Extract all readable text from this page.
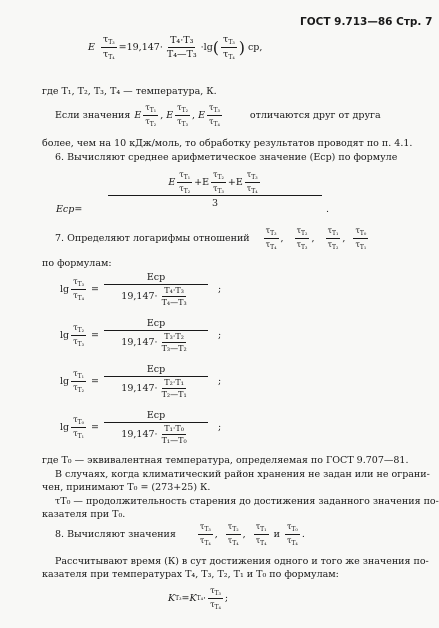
ГОСТ 9.713—86 Стр. 7
E $\frac{\tau_{T_3}}{\tau_{T_4}} =19,147\cdot \frac{\text{T₄·T₃}}{\text{T₄—T₃}} \cdot\lg$ ( $\frac{\tau_{T_3}}{\tau_{T_4}}$ ) ср,
где T₁, T₂, T₃, T₄ — температура, К.
Если значения E $\frac{\tau_{T_1}}{\tau_{T_2}}$ , E $\frac{\tau_{T_2}}{\tau_{T_3}}$ , E $\frac{\tau_{T_3}}{\tau_{T_4}}$	отличаются друг от друга
более, чем на 10 кДж/моль, то обработку результатов проводят по п. 4.1.
6. Вычисляют среднее арифметическое значение (Eср) по формуле
E $\frac{\tau_{T_1}}{\tau_{T_2}} +E \frac{\tau_{T_2}}{\tau_{T_3}} +E \frac{\tau_{T_3}}{\tau_{T_4}}$
3
Eср=	.
7. Определяют логарифмы отношений $\frac{\tau_{T_3}}{\tau_{T_4}}$ , $\frac{\tau_{T_2}}{\tau_{T_3}}$ , $\frac{\tau_{T_1}}{\tau_{T_2}}$ , $\frac{\tau_{T_0}}{\tau_{T_1}}$
по формулам:
$\lg \frac{\tau_{T_3}}{\tau_{T_4}} = \frac{\text{Eср}}{19,147\cdot \frac{\text{T₄·T₃}}{\text{T₄—T₃}}}$ ;
$\lg \frac{\tau_{T_2}}{\tau_{T_3}} = \frac{\text{Eср}}{19,147\cdot \frac{\text{T₃·T₂}}{\text{T₃—T₂}}}$ ;
$\lg \frac{\tau_{T_1}}{\tau_{T_2}} = \frac{\text{Eср}}{19,147\cdot \frac{\text{T₂·T₁}}{\text{T₂—T₁}}}$ ;
$\lg \frac{\tau_{T_0}}{\tau_{T_1}} = \frac{\text{Eср}}{19,147\cdot \frac{\text{T₁·T₀}}{\text{T₁—T₀}}}$ ;
где T₀ — эквивалентная температура, определяемая по ГОСТ 9.707—81.
В случаях, когда климатический район хранения не задан или не ограни-
чен, принимают T₀ = (273+25) К.
τT₀ — продолжительность старения до достижения заданного значения по-
казателя при T₀.
8. Вычисляют значения	$\frac{\tau_{T_3}}{\tau_{T_4}}$ , $\frac{\tau_{T_2}}{\tau_{T_4}}$ , $\frac{\tau_{T_1}}{\tau_{T_4}}$
и
$\frac{\tau_{T_0}}{\tau_{T_4}}$ .
Рассчитывают время (К) в сут достижения одного и того же значения по-
казателя при температурах T₄, T₃, T₂, T₁ и T₀ по формулам:
K T₃ = K $T_4 \cdot \frac{\tau_{T_3}}{\tau_{T_4}}$ ;
